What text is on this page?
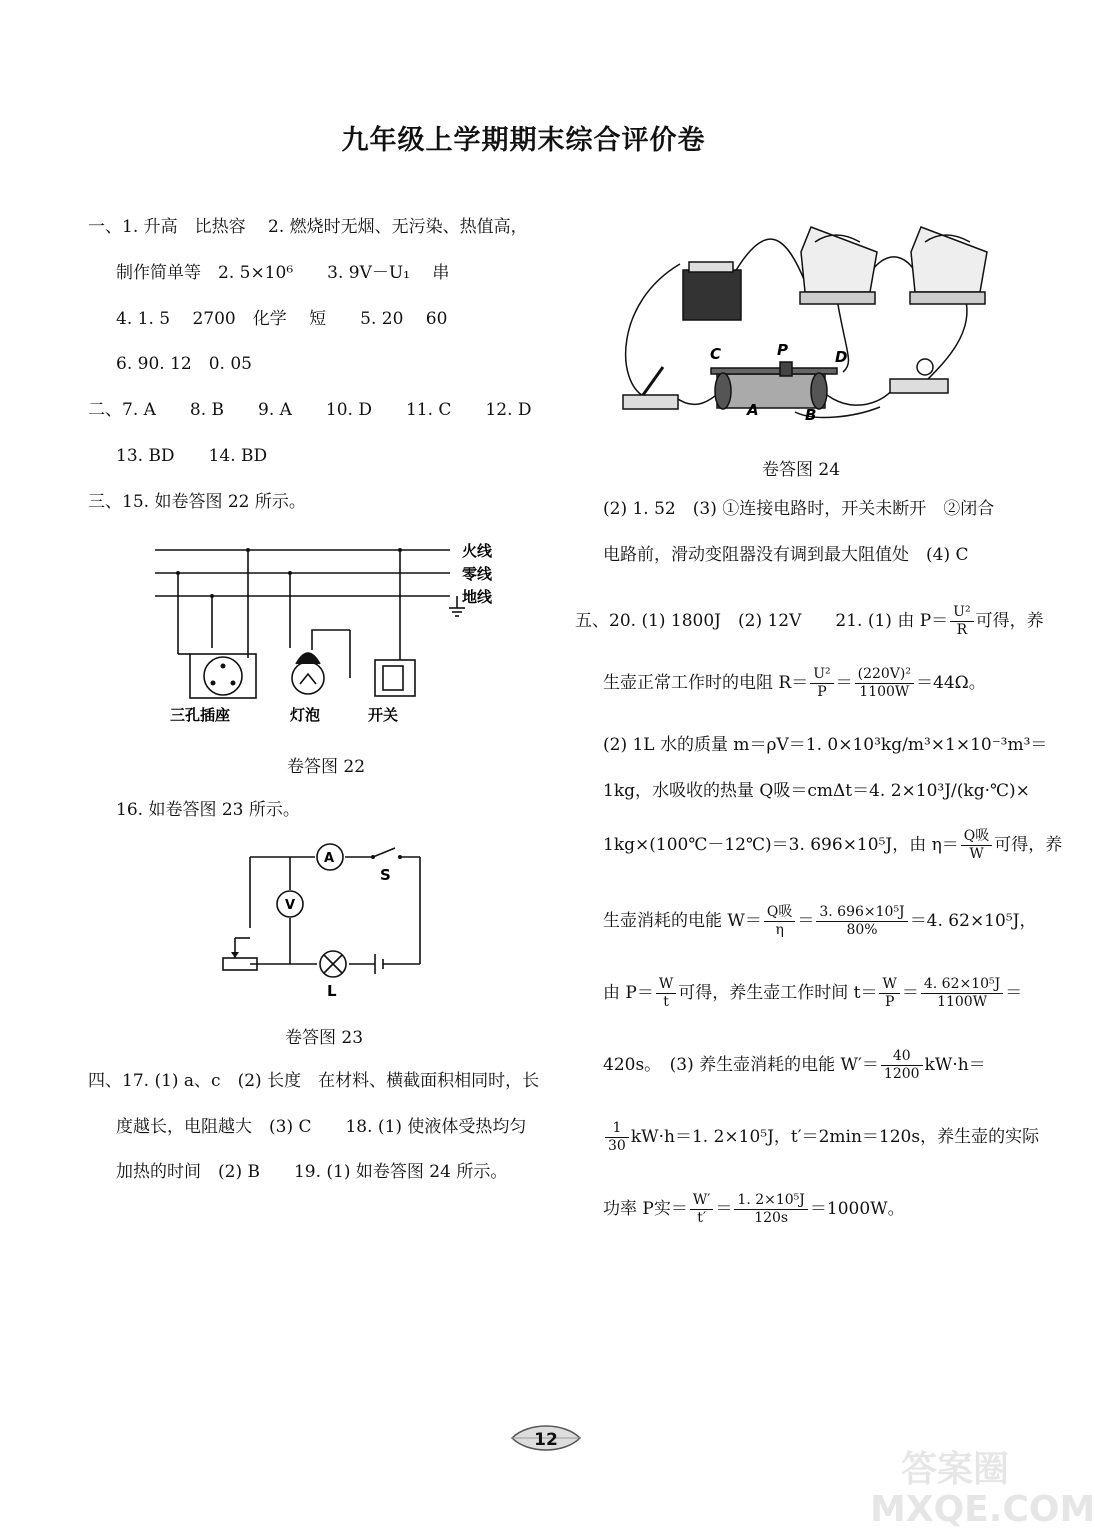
九年级上学期期末综合评价卷
一、1. 升高　比热容　 2. 燃烧时无烟、无污染、热值高，
制作简单等　2. 5×10⁶　　3. 9V－U₁　 串
4. 1. 5　 2700　化学　 短　　5. 20　 60
6. 90. 12　0. 05
二、7. A　　8. B　　9. A　　10. D　　11. C　　12. D
13. BD　　14. BD
三、15. 如卷答图 22 所示。
火线
零线
地线
三孔插座	灯泡	开关
卷答图 22
16. 如卷答图 23 所示。
A
V
S
L
卷答图 23
四、17. (1) a、c　(2) 长度　在材料、横截面积相同时，长
度越长，电阻越大　(3) C　　18. (1) 使液体受热均匀
加热的时间　(2) B　　19. (1) 如卷答图 24 所示。
C	P	D
A	B
卷答图 24
(2) 1. 52　(3) ①连接电路时，开关未断开　②闭合
电路前，滑动变阻器没有调到最大阻值处　(4) C
五、20. (1) 1800J　(2) 12V　　21. (1) 由 $P= \frac{\text{U²}}{R}$ 可得，养
生壶正常工作时的电阻 $R= \frac{\text{U²}}{P} = \frac{\text{(220V)²}}{1100W} =44\Omega$。
(2) 1L 水的质量 m＝ρV＝1. 0×10³kg/m³×1×10⁻³m³＝
1kg，水吸收的热量 Q吸＝cmΔt＝4. 2×10³J/(kg·℃)×
1kg×(100℃－12℃)＝3. 696×10⁵J，由 $\eta= \frac{\text{Q吸}}{W}$ 可得，养
生壶消耗的电能 $W= \frac{\text{Q吸}}{\eta} = \frac{\text{3. 696×10⁵J}}{80\%} =4$. 62×10⁵J，
由 $P= \frac{W}{t}$ 可得，养生壶工作时间 $t= \frac{W}{P} = \frac{\text{4. 62×10⁵J}}{1100W}$ ＝
420s。　(3) 养生壶消耗的电能 $W'= \frac{40}{1200} kW\cdot h=$
$\frac{1}{30} kW\cdot h=1$. 2×10⁵J，t′＝2min＝120s，养生壶的实际
功率 P实＝ $\frac{W'}{t'} = \frac{\text{1. 2×10⁵J}}{120s} =1000W$。
12
答案圈 MXQE.COM
